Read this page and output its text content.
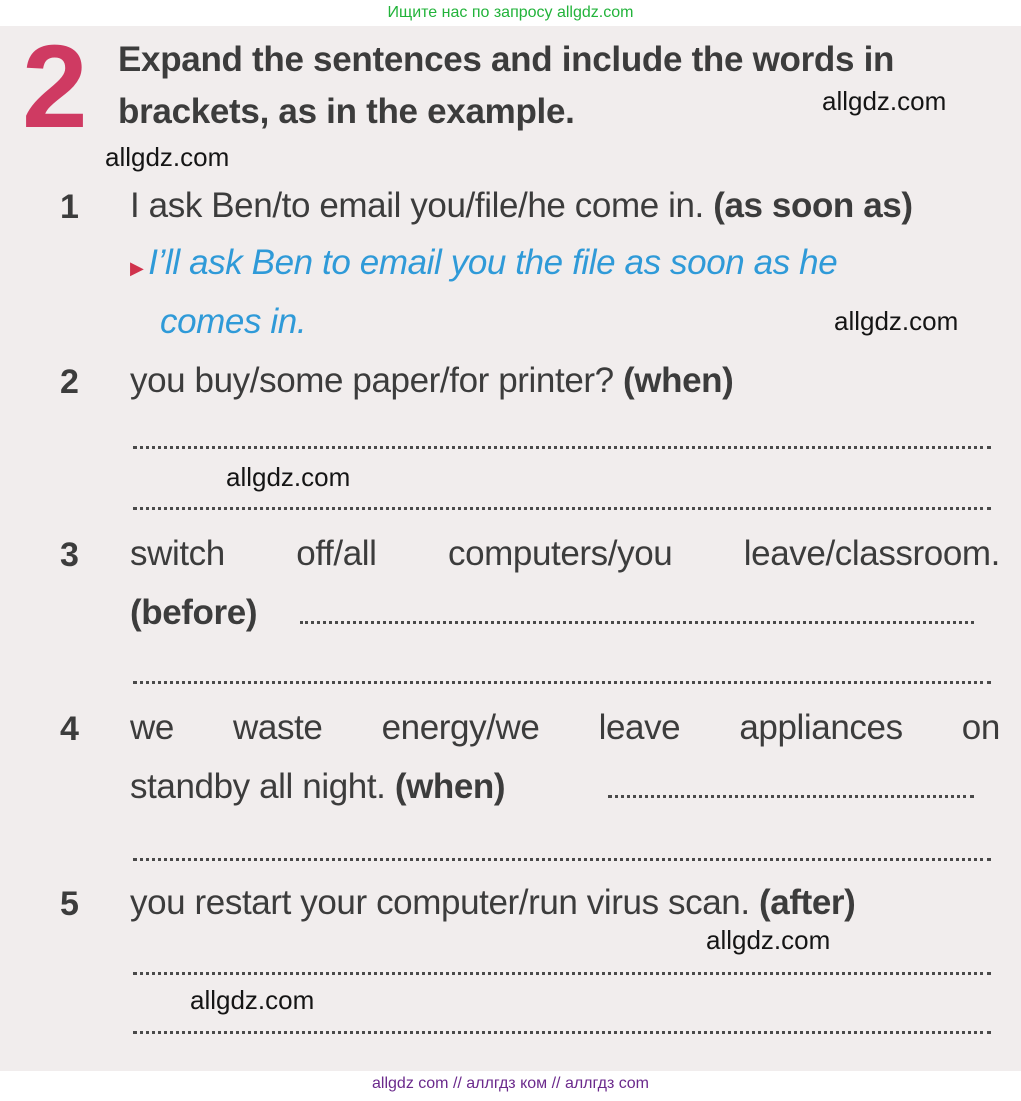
Ищите нас по запросу allgdz.com
2 Expand the sentences and include the words in
brackets, as in the example.
1 I ask Ben/to email you/file/he come in. (as soon as)
▶ I’ll ask Ben to email you the file as soon as he
comes in.
2 you buy/some paper/for printer? (when)
3 switch off/all computers/you leave/classroom.
(before)
4 we waste energy/we leave appliances on
standby all night. (when)
5 you restart your computer/run virus scan. (after)
allgdz.com
allgdz.com
allgdz.com
allgdz.com
allgdz.com
allgdz.com
allgdz com // аллгдз ком // аллгдз com
